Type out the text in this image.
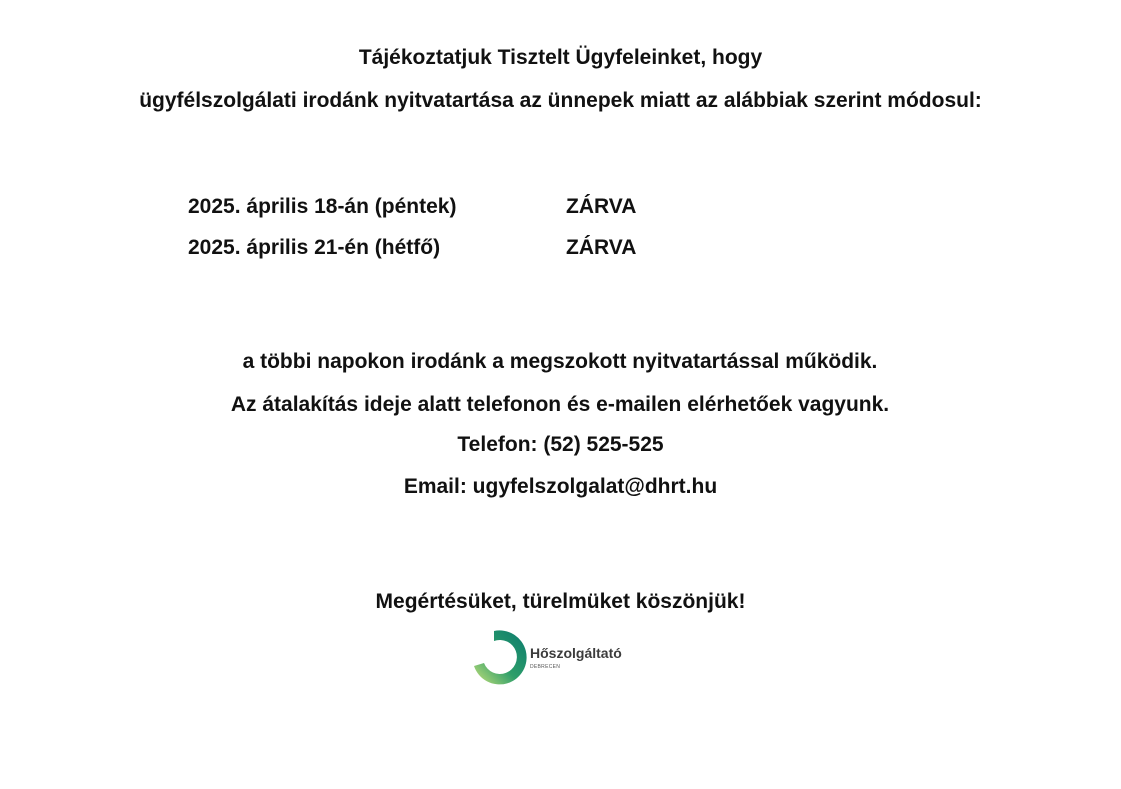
Tájékoztatjuk Tisztelt Ügyfeleinket, hogy
ügyfélszolgálati irodánk nyitvatartása az ünnepek miatt az alábbiak szerint módosul:
2025. április 18-án (péntek)	ZÁRVA
2025. április 21-én (hétfő)	ZÁRVA
a többi napokon irodánk a megszokott nyitvatartással működik.
Az átalakítás ideje alatt telefonon és e-mailen elérhetőek vagyunk.
Telefon: (52) 525-525
Email: ugyfelszolgalat@dhrt.hu
Megértésüket, türelmüket köszönjük!
Hőszolgáltató
DEBRECEN
